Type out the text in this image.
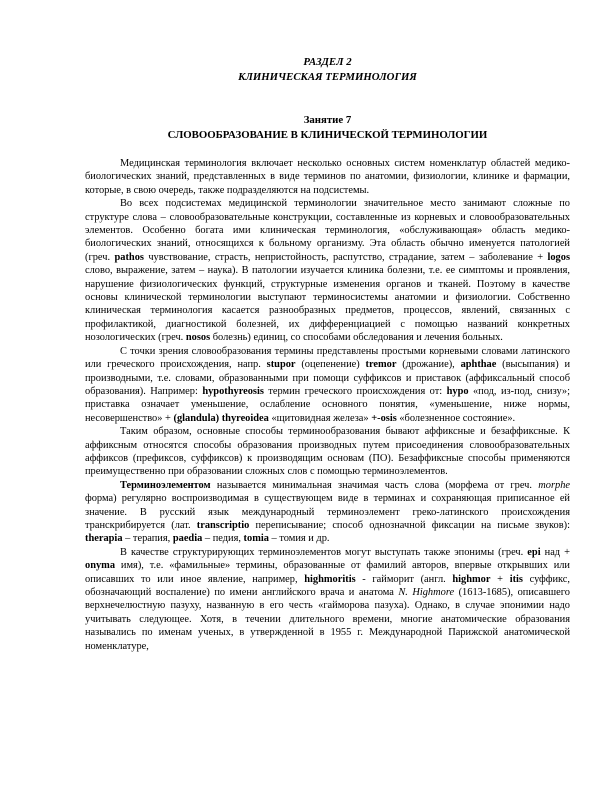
РАЗДЕЛ 2
КЛИНИЧЕСКАЯ ТЕРМИНОЛОГИЯ
Занятие 7
СЛОВООБРАЗОВАНИЕ В КЛИНИЧЕСКОЙ ТЕРМИНОЛОГИИ

Медицинская терминология включает несколько основных систем номенклатур областей медико-биологических знаний, представленных в виде терминов по анатомии, физиологии, клинике и фармации, которые, в свою очередь, также подразделяются на подсистемы.

Во всех подсистемах медицинской терминологии значительное место занимают сложные по структуре слова – словообразовательные конструкции, составленные из корневых и словообразовательных элементов. Особенно богата ими клиническая терминология, «обслуживающая» область медико-биологических знаний, относящихся к больному организму. Эта область обычно именуется патологией (греч. pathos чувствование, страсть, непристойность, распутство, страдание, затем – заболевание + logos слово, выражение, затем – наука). В патологии изучается клиника болезни, т.е. ее симптомы и проявления, нарушение физиологических функций, структурные изменения органов и тканей. Поэтому в качестве основы клинической терминологии выступают терминосистемы анатомии и физиологии. Собственно клиническая терминология касается разнообразных предметов, процессов, явлений, связанных с профилактикой, диагностикой болезней, их дифференциацией с помощью названий конкретных нозологических (греч. nosos болезнь) единиц, со способами обследования и лечения больных.

С точки зрения словообразования термины представлены простыми корневыми словами латинского или греческого происхождения, напр. stupor (оцепенение) tremor (дрожание), aphthae (высыпания) и производными, т.е. словами, образованными при помощи суффиксов и приставок (аффиксальный способ образования). Например: hypothyreosis термин греческого происхождения от: hypo «под, из-под, снизу»; приставка означает уменьшение, ослабление основного понятия, «уменьшение, ниже нормы, несовершенство» + (glandula) thyreoidea «щитовидная железа» +-osis «болезненное состояние».

Таким образом, основные способы терминообразования бывают аффиксные и безаффиксные. К аффиксным относятся способы образования производных путем присоединения словообразовательных аффиксов (префиксов, суффиксов) к производящим основам (ПО). Безаффиксные способы применяются преимущественно при образовании сложных слов с помощью терминоэлементов.

Терминоэлементом называется минимальная значимая часть слова (морфема от греч. morphe форма) регулярно воспроизводимая в существующем виде в терминах и сохраняющая приписанное ей значение. В русский язык международный терминоэлемент греко-латинского происхождения транскрибируется (лат. transcriptio переписывание; способ однозначной фиксации на письме звуков): therapia – терапия, paedia – педия, tomia – томия и др.

В качестве структурирующих терминоэлементов могут выступать также эпонимы (греч. epi над + onyma имя), т.е. «фамильные» термины, образованные от фамилий авторов, впервые открывших или описавших то или иное явление, например, highmoritis - гайморит (англ. highmor + itis суффикс, обозначающий воспаление) по имени английского врача и анатома N. Highmore (1613-1685), описавшего верхнечелюстную пазуху, названную в его честь «гайморова пазуха). Однако, в случае эпонимии надо учитывать следующее. Хотя, в течении длительного времени, многие анатомические образования назывались по именам ученых, в утвержденной в 1955 г. Международной Парижской анатомической номенклатуре,
